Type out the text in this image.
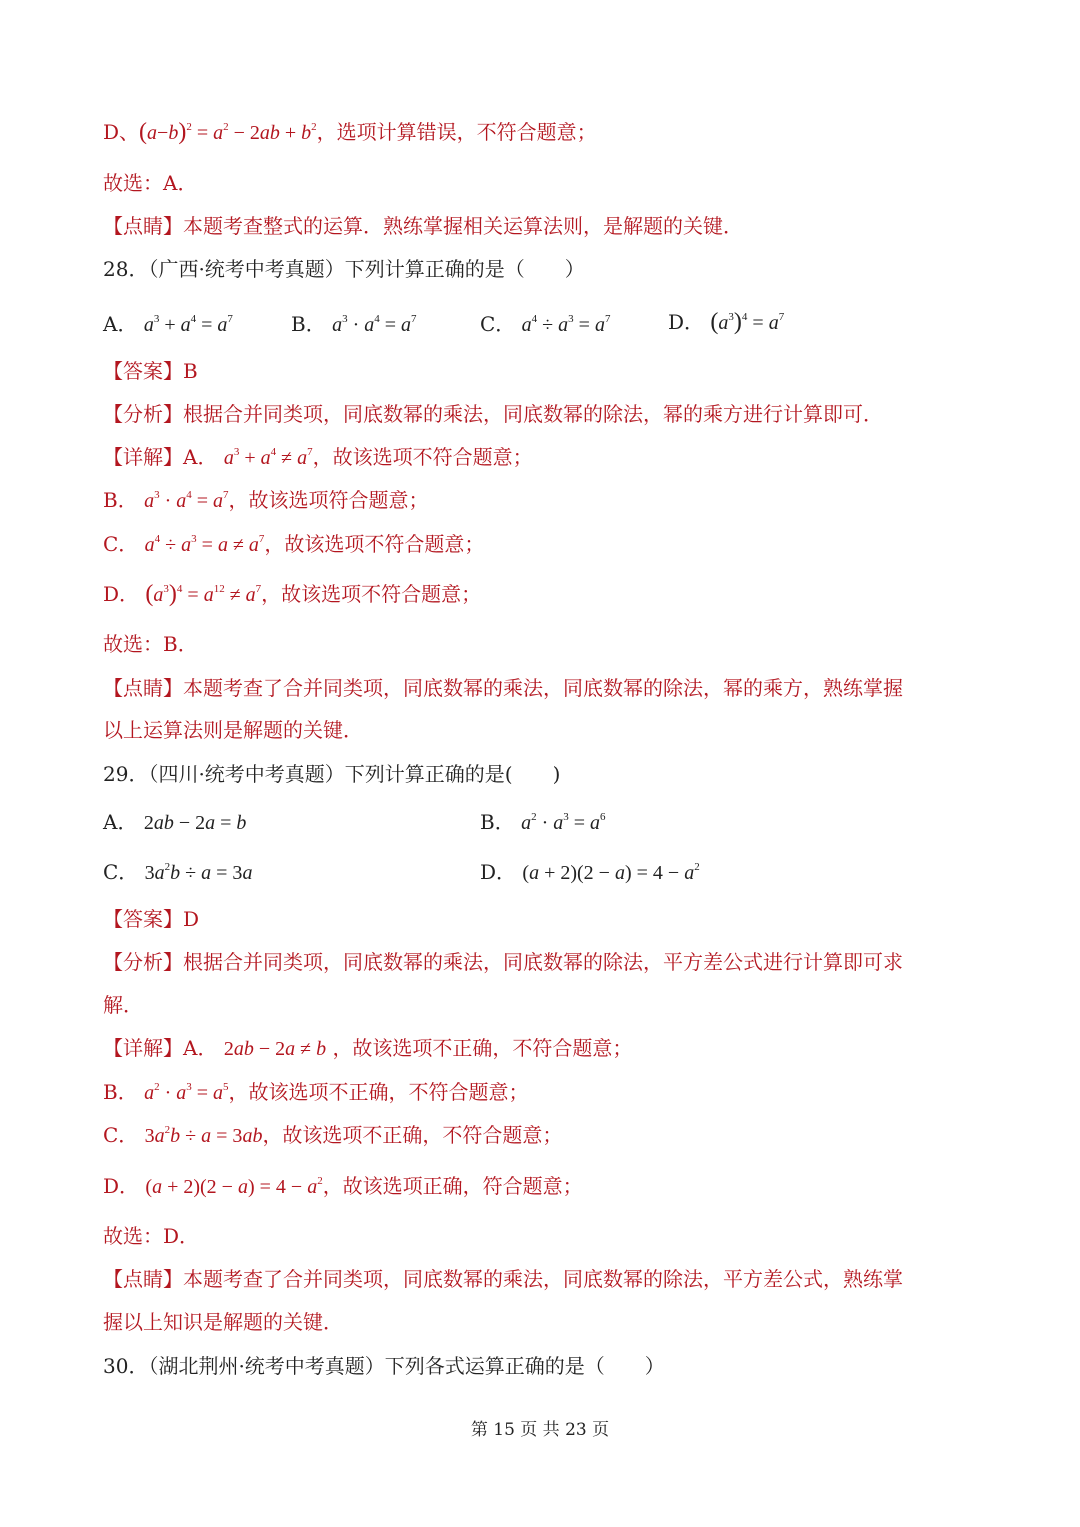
D、$(a-b)^2 = a^2 - 2ab + b^2$，选项计算错误，不符合题意；
故选：A．
【点睛】本题考查整式的运算．熟练掌握相关运算法则，是解题的关键．
28．（广西·统考中考真题）下列计算正确的是（　　）
A． $a^3 + a^4 = a^7$	B． $a^3 \cdot a^4 = a^7$	C． $a^4 \div a^3 = a^7$	D． $(a^3)^4 = a^7$
【答案】B
【分析】根据合并同类项，同底数幂的乘法，同底数幂的除法，幂的乘方进行计算即可．
【详解】A． $a^3 + a^4 \ne a^7$，故该选项不符合题意；
B． $a^3 \cdot a^4 = a^7$，故该选项符合题意；
C． $a^4 \div a^3 = a \ne a^7$，故该选项不符合题意；
D． $(a^3)^4 = a^{12} \ne a^7$，故该选项不符合题意；
故选：B．
【点睛】本题考查了合并同类项，同底数幂的乘法，同底数幂的除法，幂的乘方，熟练掌握
以上运算法则是解题的关键．
29．（四川·统考中考真题）下列计算正确的是(　　)
A． 2ab − 2a = b	B． $a^2 \cdot a^3 = a^6$
C． $3a^2b \div a = 3a$	D． $(a + 2)(2 - a) = 4 - a^2$
【答案】D
【分析】根据合并同类项，同底数幂的乘法，同底数幂的除法，平方差公式进行计算即可求
解．
【详解】A． 2ab − 2a ≠ b ，故该选项不正确，不符合题意；
B． $a^2 \cdot a^3 = a^5$，故该选项不正确，不符合题意；
C． $3a^2b \div a = 3ab$，故该选项不正确，不符合题意；
D． $(a + 2)(2 - a) = 4 - a^2$，故该选项正确，符合题意；
故选：D．
【点睛】本题考查了合并同类项，同底数幂的乘法，同底数幂的除法，平方差公式，熟练掌
握以上知识是解题的关键．
30．（湖北荆州·统考中考真题）下列各式运算正确的是（　　）
第 15 页 共 23 页
